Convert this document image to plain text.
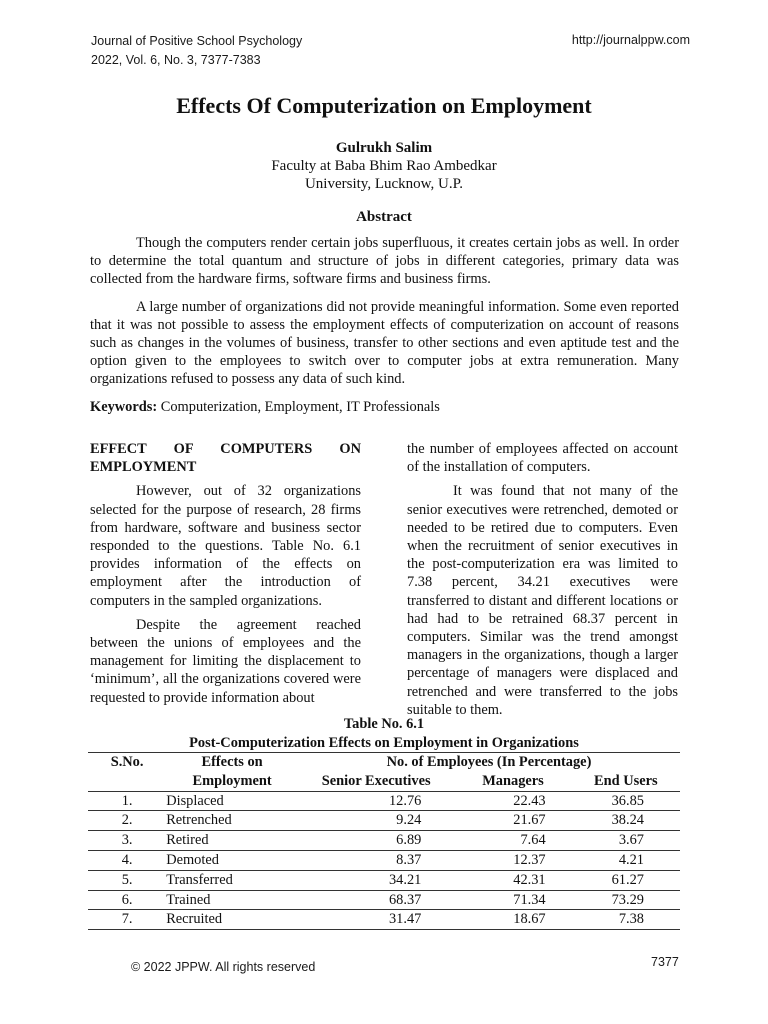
Journal of Positive School Psychology
2022, Vol. 6, No. 3, 7377-7383
http://journalppw.com
Effects Of Computerization on Employment
Gulrukh Salim
Faculty at Baba Bhim Rao Ambedkar
University, Lucknow, U.P.
Abstract

Though the computers render certain jobs superfluous, it creates certain jobs as well. In order to determine the total quantum and structure of jobs in different categories, primary data was collected from the hardware firms, software firms and business firms.

A large number of organizations did not provide meaningful information. Some even reported that it was not possible to assess the employment effects of computerization on account of reasons such as changes in the volumes of business, transfer to other sections and even aptitude test and the option given to the employees to switch over to computer jobs at extra remuneration. Many organizations refused to possess any data of such kind.

Keywords: Computerization, Employment, IT Professionals
EFFECT OF COMPUTERS ON
EMPLOYMENT

However, out of 32 organizations selected for the purpose of research, 28 firms from hardware, software and business sector responded to the questions. Table No. 6.1 provides information of the effects on employment after the introduction of computers in the sampled organizations.

Despite the agreement reached between the unions of employees and the management for limiting the displacement to ‘minimum’, all the organizations covered were requested to provide information about

the number of employees affected on account of the installation of computers.

It was found that not many of the senior executives were retrenched, demoted or needed to be retired due to computers. Even when the recruitment of senior executives in the post-computerization era was limited to 7.38 percent, 34.21 executives were transferred to distant and different locations or had had to be retrained 68.37 percent in computers. Similar was the trend amongst managers in the organizations, though a larger percentage of managers were displaced and retrenched and were transferred to the jobs suitable to them.

Table No. 6.1
Post-Computerization Effects on Employment in Organizations
S.No.	Effects on	No. of Employees (In Percentage)		
	Employment	Senior Executives	Managers	End Users
1.	Displaced	12.76	22.43	36.85
2.	Retrenched	9.24	21.67	38.24
3.	Retired	6.89	7.64	3.67
4.	Demoted	8.37	12.37	4.21
5.	Transferred	34.21	42.31	61.27
6.	Trained	68.37	71.34	73.29
7.	Recruited	31.47	18.67	7.38
© 2022 JPPW. All rights reserved	7377
